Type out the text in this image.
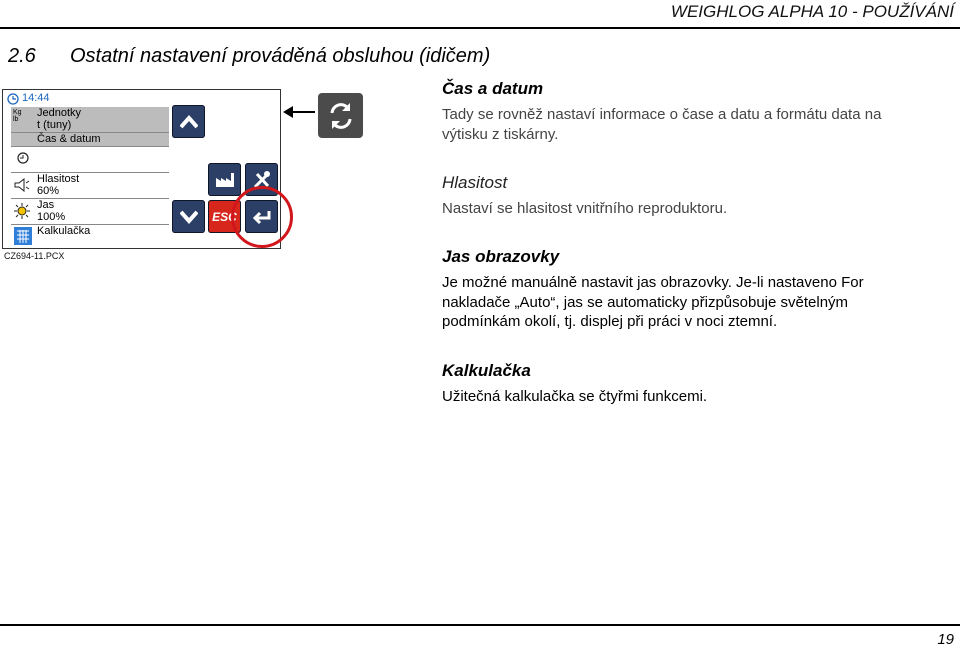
WEIGHLOG ALPHA 10 - POUŽÍVÁNÍ
2.6 Ostatní nastavení prováděná obsluhou (idičem)
14:44
Kg lb
Jednotky
t (tuny)
Čas & datum
Hlasitost
60%
Jas
100%
Kalkulačka
ESC
CZ694-11.PCX
Čas a datum
Tady se rovněž nastaví informace o čase a datu a formátu data na
výtisku z tiskárny.
Hlasitost
Nastaví se hlasitost vnitřního reproduktoru.
Jas obrazovky
Je možné manuálně nastavit jas obrazovky. Je-li nastaveno For
nakladače „Auto“, jas se automaticky přizpůsobuje světelným
podmínkám okolí, tj. displej při práci v noci ztemní.
Kalkulačka
Užitečná kalkulačka se čtyřmi funkcemi.
19
